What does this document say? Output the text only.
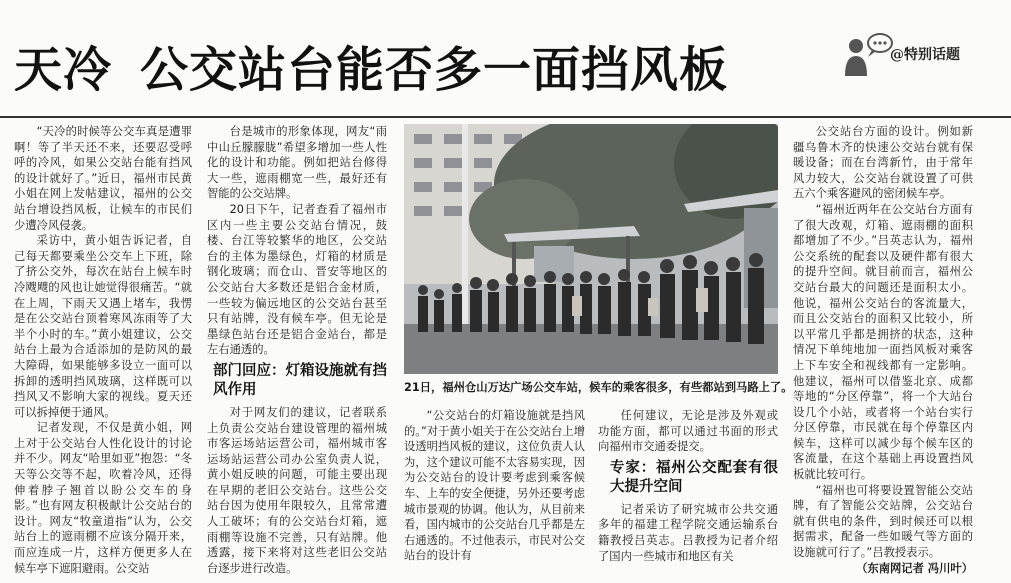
天冷 公交站台能否多一面挡风板	@特别话题

“天冷的时候等公交车真是遭罪啊！等了半天还不来，还要忍受呼呼的冷风，如果公交站台能有挡风的设计就好了。”近日，福州市民黄小姐在网上发帖建议，福州的公交站台增设挡风板，让候车的市民们少遭冷风侵袭。

采访中，黄小姐告诉记者，自己每天都要乘坐公交车上下班，除了挤公交外，每次在站台上候车时冷飕飕的风也让她觉得很痛苦。“就在上周，下雨天又遇上堵车，我愣是在公交站台顶着寒风冻雨等了大半个小时的车。”黄小姐建议，公交站台上最为合适添加的是防风的最大障碍，如果能够多设立一面可以拆卸的透明挡风玻璃，这样既可以挡风又不影响大家的视线。夏天还可以拆掉便于通风。

记者发现，不仅是黄小姐，网上对于公交站台人性化设计的讨论并不少。网友“哈里如亚”抱怨：“冬天等公交等不起，吹着冷风，还得伸着脖子翘首以盼公交车的身影。”也有网友积极献计公交站台的设计。网友“牧童道指”认为，公交站台上的遮雨棚不应该分隔开来，而应连成一片，这样方便更多人在候车亭下遮阳避雨。公交站

台是城市的形象体现，网友“雨中山丘朦朦胧”希望多增加一些人性化的设计和功能。例如把站台修得大一些，遮雨棚宽一些，最好还有智能的公交站牌。

20日下午，记者查看了福州市区内一些主要公交站台情况，鼓楼、台江等较繁华的地区，公交站台的主体为墨绿色，灯箱的材质是钢化玻璃；而仓山、晋安等地区的公交站台大多数还是铝合金材质，一些较为偏远地区的公交站台甚至只有站牌，没有候车亭。但无论是墨绿色站台还是铝合金站台，都是左右通透的。

部门回应：灯箱设施就有挡风作用

对于网友们的建议，记者联系上负责公交站台建设管理的福州城市客运场站运营公司，福州城市客运场站运营公司办公室负责人说，黄小姐反映的问题，可能主要出现在早期的老旧公交站台。这些公交站台因为使用年限较久，且常常遭人工破坏；有的公交站台灯箱，遮雨棚等设施不完善，只有站牌。他透露，接下来将对这些老旧公交站台逐步进行改造。

21日，福州仓山万达广场公交车站，候车的乘客很多，有些都站到马路上了。

“公交站台的灯箱设施就是挡风的。”对于黄小姐关于在公交站台上增设透明挡风板的建议，这位负责人认为，这个建议可能不太容易实现，因为公交站台的设计要考虑到乘客候车、上车的安全便捷，另外还要考虑城市景观的协调。他认为，从目前来看，国内城市的公交站台几乎都是左右通透的。不过他表示，市民对公交站台的设计有

任何建议，无论是涉及外观或功能方面，都可以通过书面的形式向福州市交通委提交。

专家：福州公交配套有很大提升空间

记者采访了研究城市公共交通多年的福建工程学院交通运输系台籍教授吕英志。吕教授为记者介绍了国内一些城市和地区有关

公交站台方面的设计。例如新疆乌鲁木齐的快速公交站台就有保暖设备；而在台湾新竹，由于常年风力较大，公交站台就设置了可供五六个乘客避风的密闭候车亭。

“福州近两年在公交站台方面有了很大改观，灯箱、遮雨棚的面积都增加了不少。”吕英志认为，福州公交系统的配套以及硬件都有很大的提升空间。就目前而言，福州公交站台最大的问题还是面积太小。他说，福州公交站台的客流量大，而且公交站台的面积又比较小，所以平常几乎都是拥挤的状态，这种情况下单纯地加一面挡风板对乘客上下车安全和视线都有一定影响。他建议，福州可以借鉴北京、成都等地的“分区停靠”，将一个大站台设几个小站，或者将一个站台实行分区停靠，市民就在每个停靠区内候车，这样可以减少每个候车区的客流量，在这个基础上再设置挡风板就比较可行。

“福州也可将要设置智能公交站牌，有了智能公交站牌，公交站台就有供电的条件，到时候还可以根据需求，配备一些如暖气等方面的设施就可行了。”吕教授表示。

（东南网记者 冯川叶）
